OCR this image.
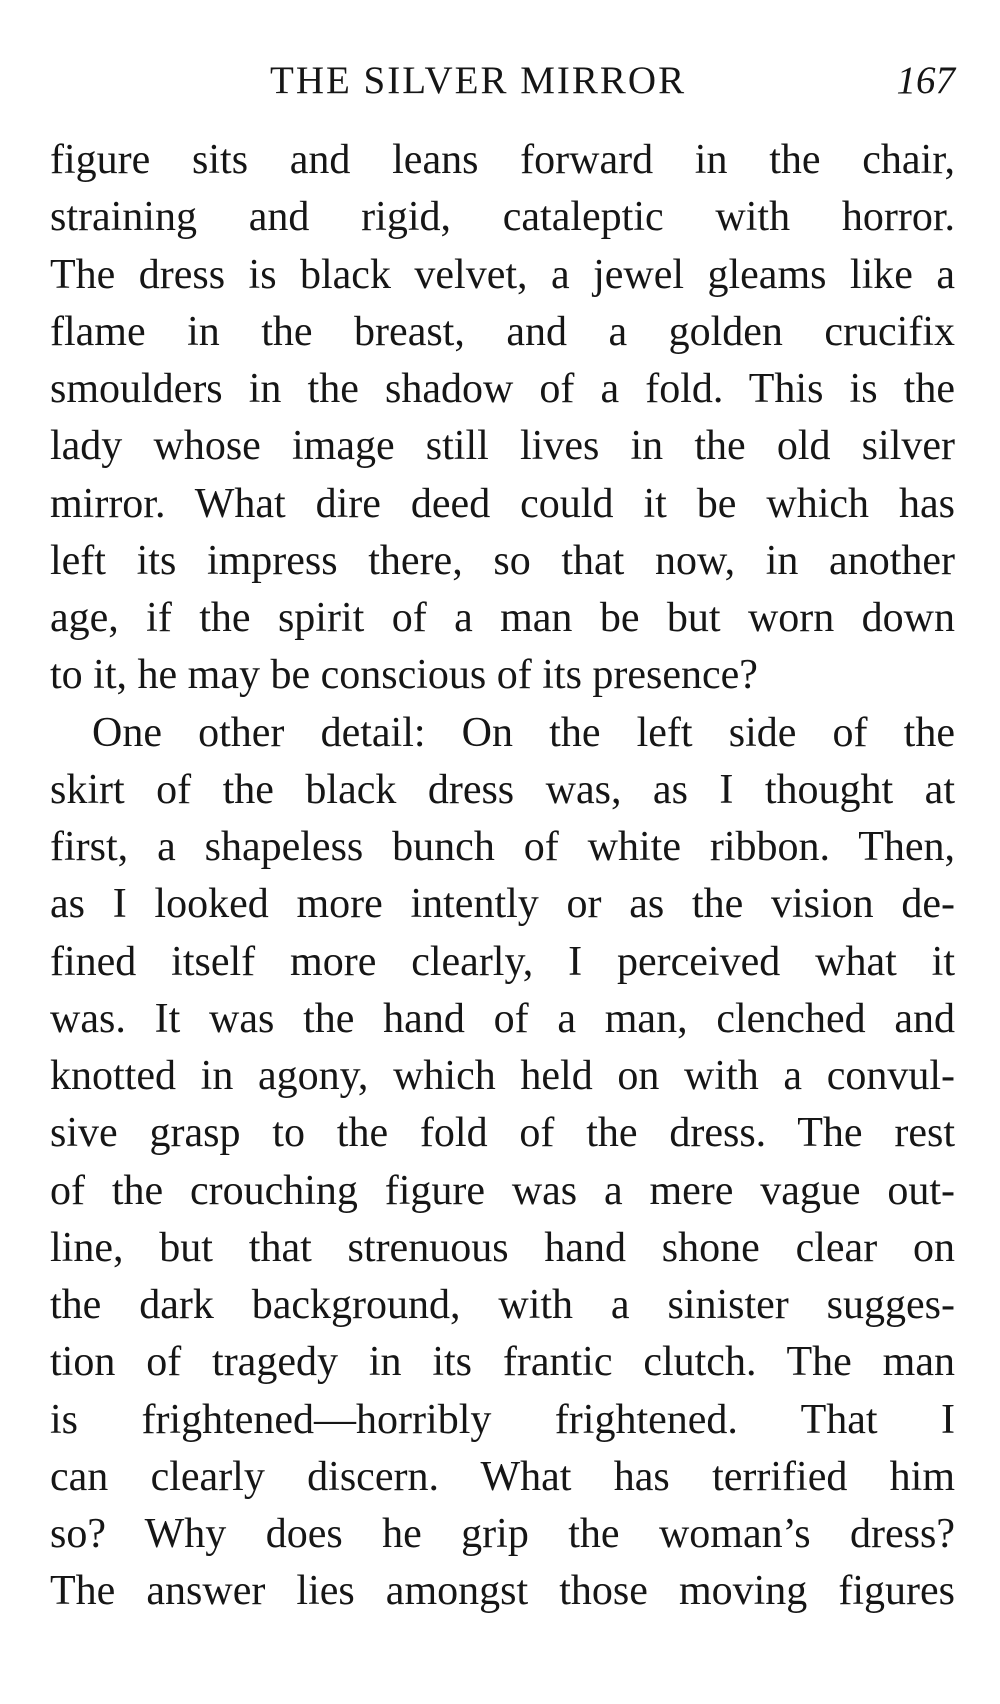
THE SILVER MIRROR	167
figure sits and leans forward in the chair,
straining and rigid, cataleptic with horror.
The dress is black velvet, a jewel gleams like a
flame in the breast, and a golden crucifix
smoulders in the shadow of a fold. This is the
lady whose image still lives in the old silver
mirror. What dire deed could it be which has
left its impress there, so that now, in another
age, if the spirit of a man be but worn down
to it, he may be conscious of its presence?
One other detail: On the left side of the
skirt of the black dress was, as I thought at
first, a shapeless bunch of white ribbon. Then,
as I looked more intently or as the vision de-
fined itself more clearly, I perceived what it
was. It was the hand of a man, clenched and
knotted in agony, which held on with a convul-
sive grasp to the fold of the dress. The rest
of the crouching figure was a mere vague out-
line, but that strenuous hand shone clear on
the dark background, with a sinister sugges-
tion of tragedy in its frantic clutch. The man
is frightened—horribly frightened. That I
can clearly discern. What has terrified him
so? Why does he grip the woman’s dress?
The answer lies amongst those moving figures
